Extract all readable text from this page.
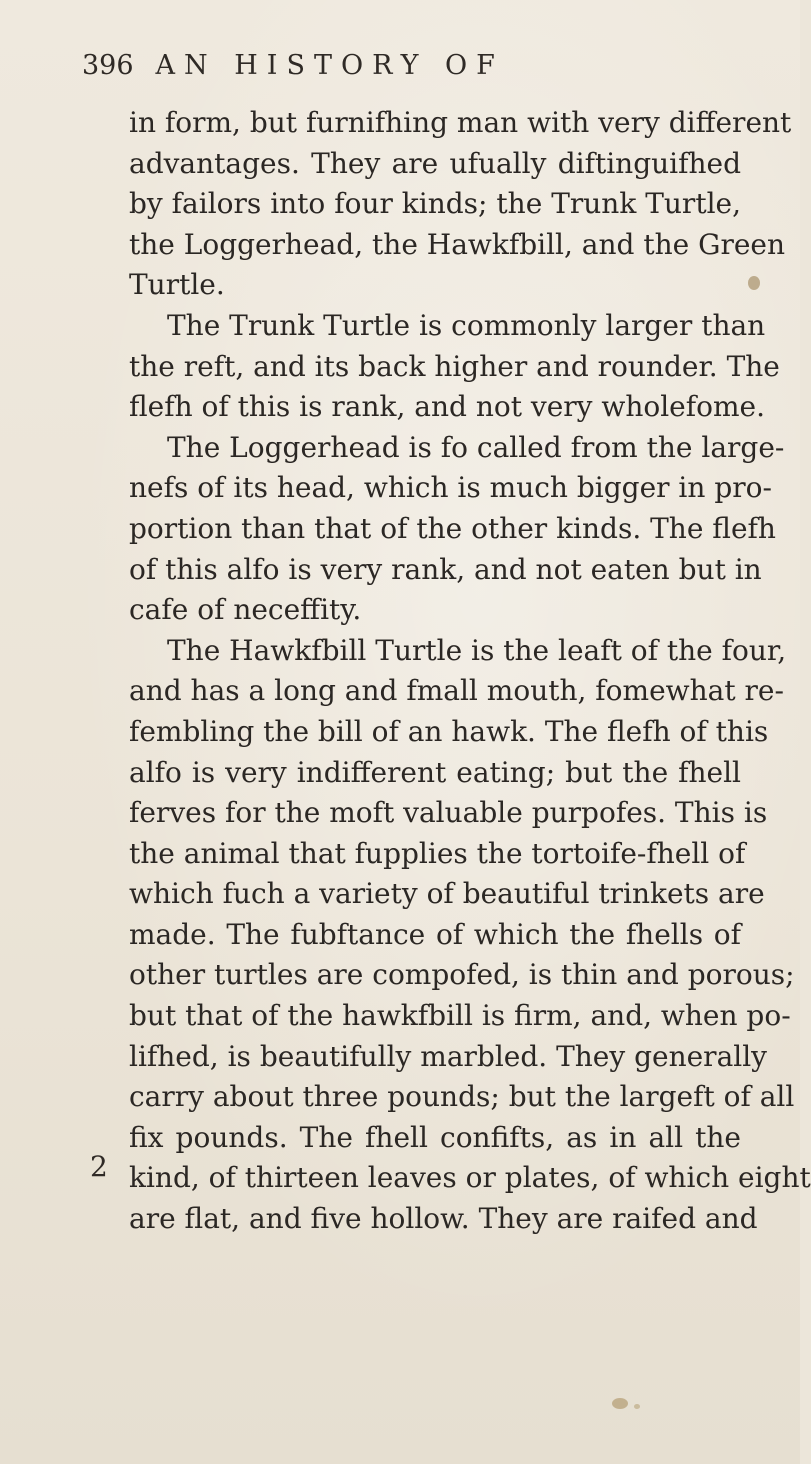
396 AN HISTORY OF
in form, but furnifhing man with very different
advantages. They are ufually diftinguifhed
by failors into four kinds; the Trunk Turtle,
the Loggerhead, the Hawkfbill, and the Green
Turtle.
The Trunk Turtle is commonly larger than
the reft, and its back higher and rounder. The
flefh of this is rank, and not very wholefome.
The Loggerhead is fo called from the large-
nefs of its head, which is much bigger in pro-
portion than that of the other kinds. The flefh
of this alfo is very rank, and not eaten but in
cafe of neceffity.
The Hawkfbill Turtle is the leaft of the four,
and has a long and fmall mouth, fomewhat re-
fembling the bill of an hawk. The flefh of this
alfo is very indifferent eating; but the fhell
ferves for the moft valuable purpofes. This is
the animal that fupplies the tortoife-fhell of
which fuch a variety of beautiful trinkets are
made. The fubftance of which the fhells of
other turtles are compofed, is thin and porous;
but that of the hawkfbill is firm, and, when po-
lifhed, is beautifully marbled. They generally
carry about three pounds; but the largeft of all
fix pounds. The fhell confifts, as in all the
kind, of thirteen leaves or plates, of which eight
are flat, and five hollow. They are raifed and
2
